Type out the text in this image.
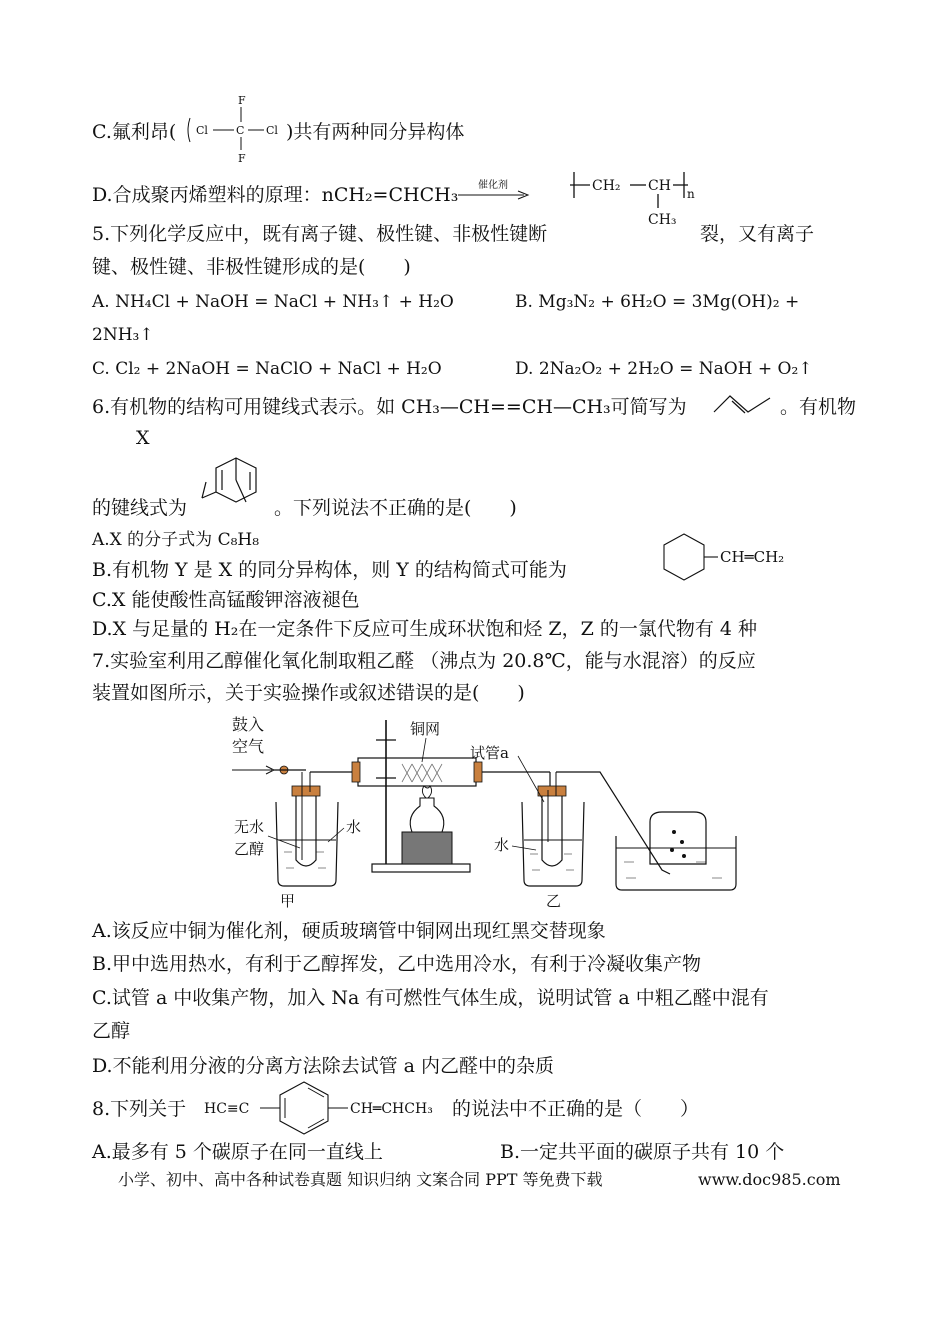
C.氟利昂(
F
Cl	C Cl
F
)共有两种同分异构体
D.合成聚丙烯塑料的原理：nCH₂=CHCH₃ 催化剂	CH₂ CH n
CH₃
5.下列化学反应中，既有离子键、极性键、非极性键断	裂，又有离子
键、极性键、非极性键形成的是(　　)
A. NH₄Cl + NaOH = NaCl + NH₃↑ + H₂O	B. Mg₃N₂ + 6H₂O = 3Mg(OH)₂ +
2NH₃↑
C. Cl₂ + 2NaOH = NaClO + NaCl + H₂O	D. 2Na₂O₂ + 2H₂O = NaOH + O₂↑
6.有机物的结构可用键线式表示。如 CH₃—CH==CH—CH₃可简写为	。有机物
X
的键线式为	。下列说法不正确的是(　　)
A.X 的分子式为 C₈H₈
B.有机物 Y 是 X 的同分异构体，则 Y 的结构简式可能为
CH═CH₂
C.X 能使酸性高锰酸钾溶液褪色
D.X 与足量的 H₂在一定条件下反应可生成环状饱和烃 Z，Z 的一氯代物有 4 种
7.实验室利用乙醇催化氧化制取粗乙醛 （沸点为 20.8℃，能与水混溶）的反应
装置如图所示，关于实验操作或叙述错误的是(　　)
鼓入
空气
甲
无水
乙醇
水
铜网
试管a
水
乙
A.该反应中铜为催化剂，硬质玻璃管中铜网出现红黑交替现象
B.甲中选用热水，有利于乙醇挥发，乙中选用冷水，有利于冷凝收集产物
C.试管 a 中收集产物，加入 Na 有可燃性气体生成，说明试管 a 中粗乙醛中混有
乙醇
D.不能利用分液的分离方法除去试管 a 内乙醛中的杂质
8.下列关于 HC≡C	CH═CHCH₃ 的说法中不正确的是（　　）
A.最多有 5 个碳原子在同一直线上	B.一定共平面的碳原子共有 10 个
小学、初中、高中各种试卷真题 知识归纳 文案合同 PPT 等免费下载	www.doc985.com
